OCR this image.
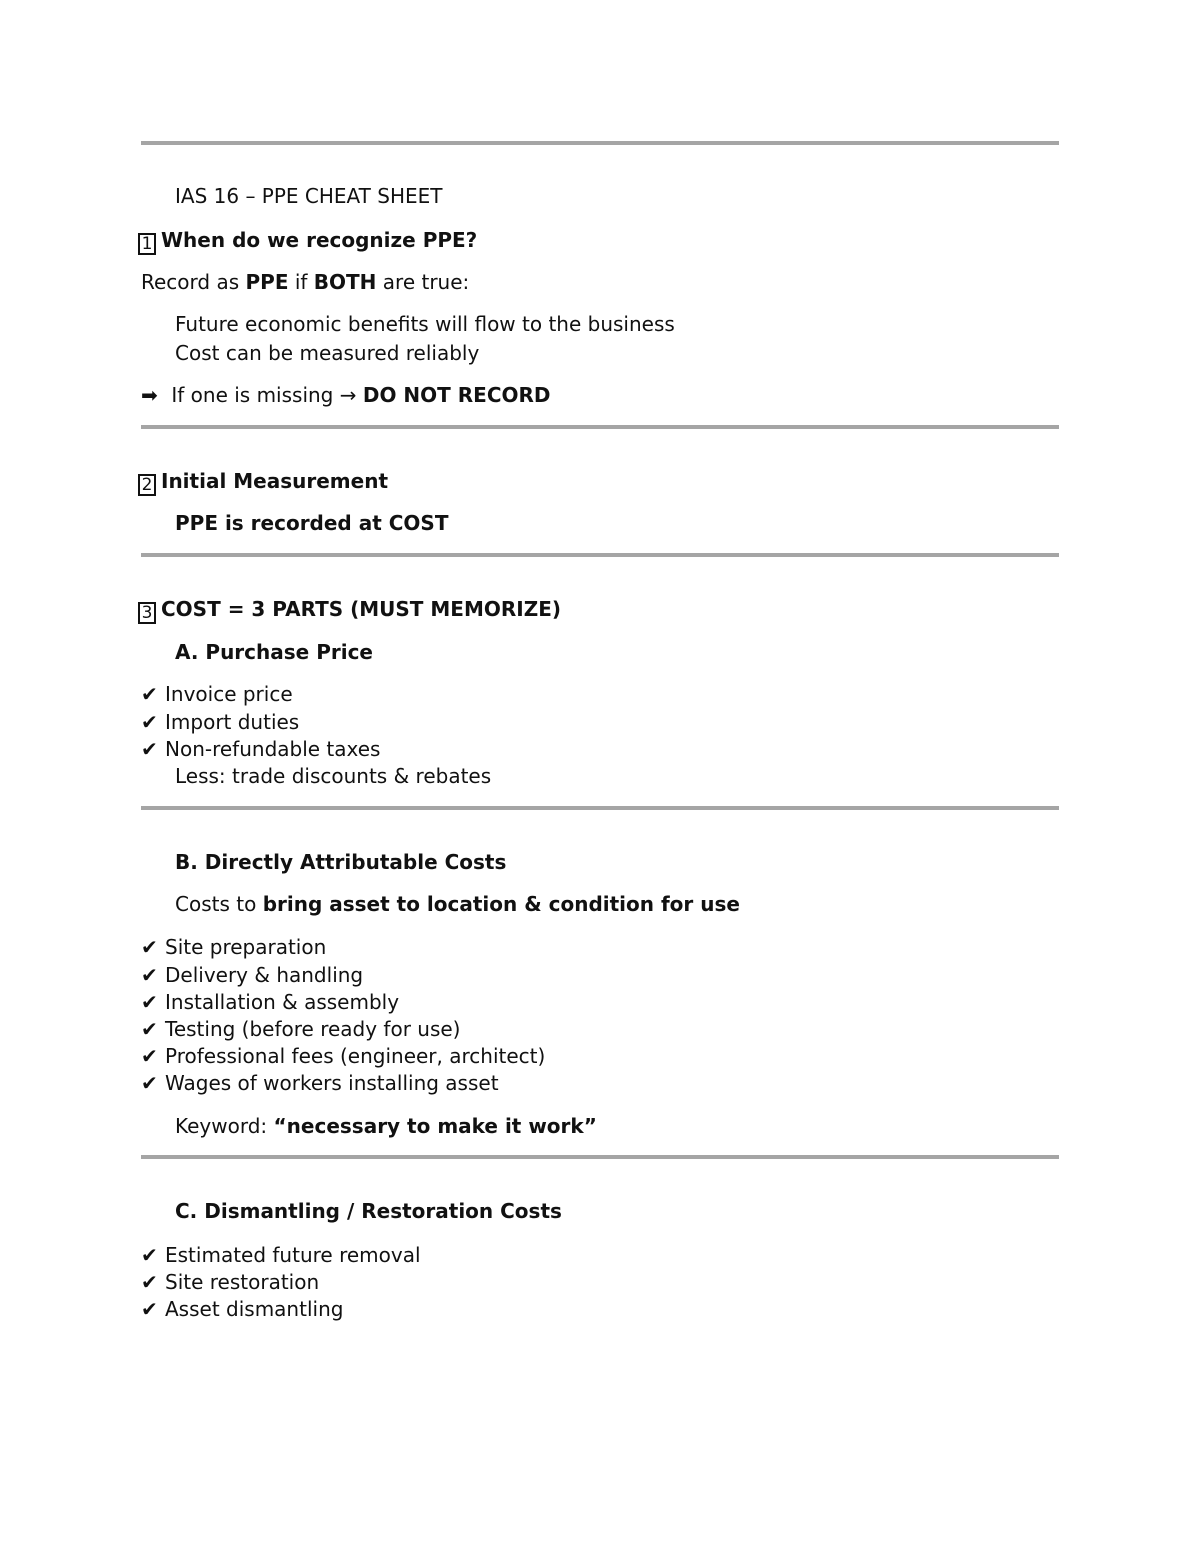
IAS 16 – PPE CHEAT SHEET
1 When do we recognize PPE?
Record as PPE if BOTH are true:
Future economic benefits will flow to the business
Cost can be measured reliably
➡ If one is missing → DO NOT RECORD
2 Initial Measurement
PPE is recorded at COST
3 COST = 3 PARTS (MUST MEMORIZE)
A. Purchase Price
✔ Invoice price
✔ Import duties
✔ Non-refundable taxes
Less: trade discounts & rebates
B. Directly Attributable Costs
Costs to bring asset to location & condition for use
✔ Site preparation
✔ Delivery & handling
✔ Installation & assembly
✔ Testing (before ready for use)
✔ Professional fees (engineer, architect)
✔ Wages of workers installing asset
Keyword: “necessary to make it work”
C. Dismantling / Restoration Costs
✔ Estimated future removal
✔ Site restoration
✔ Asset dismantling
